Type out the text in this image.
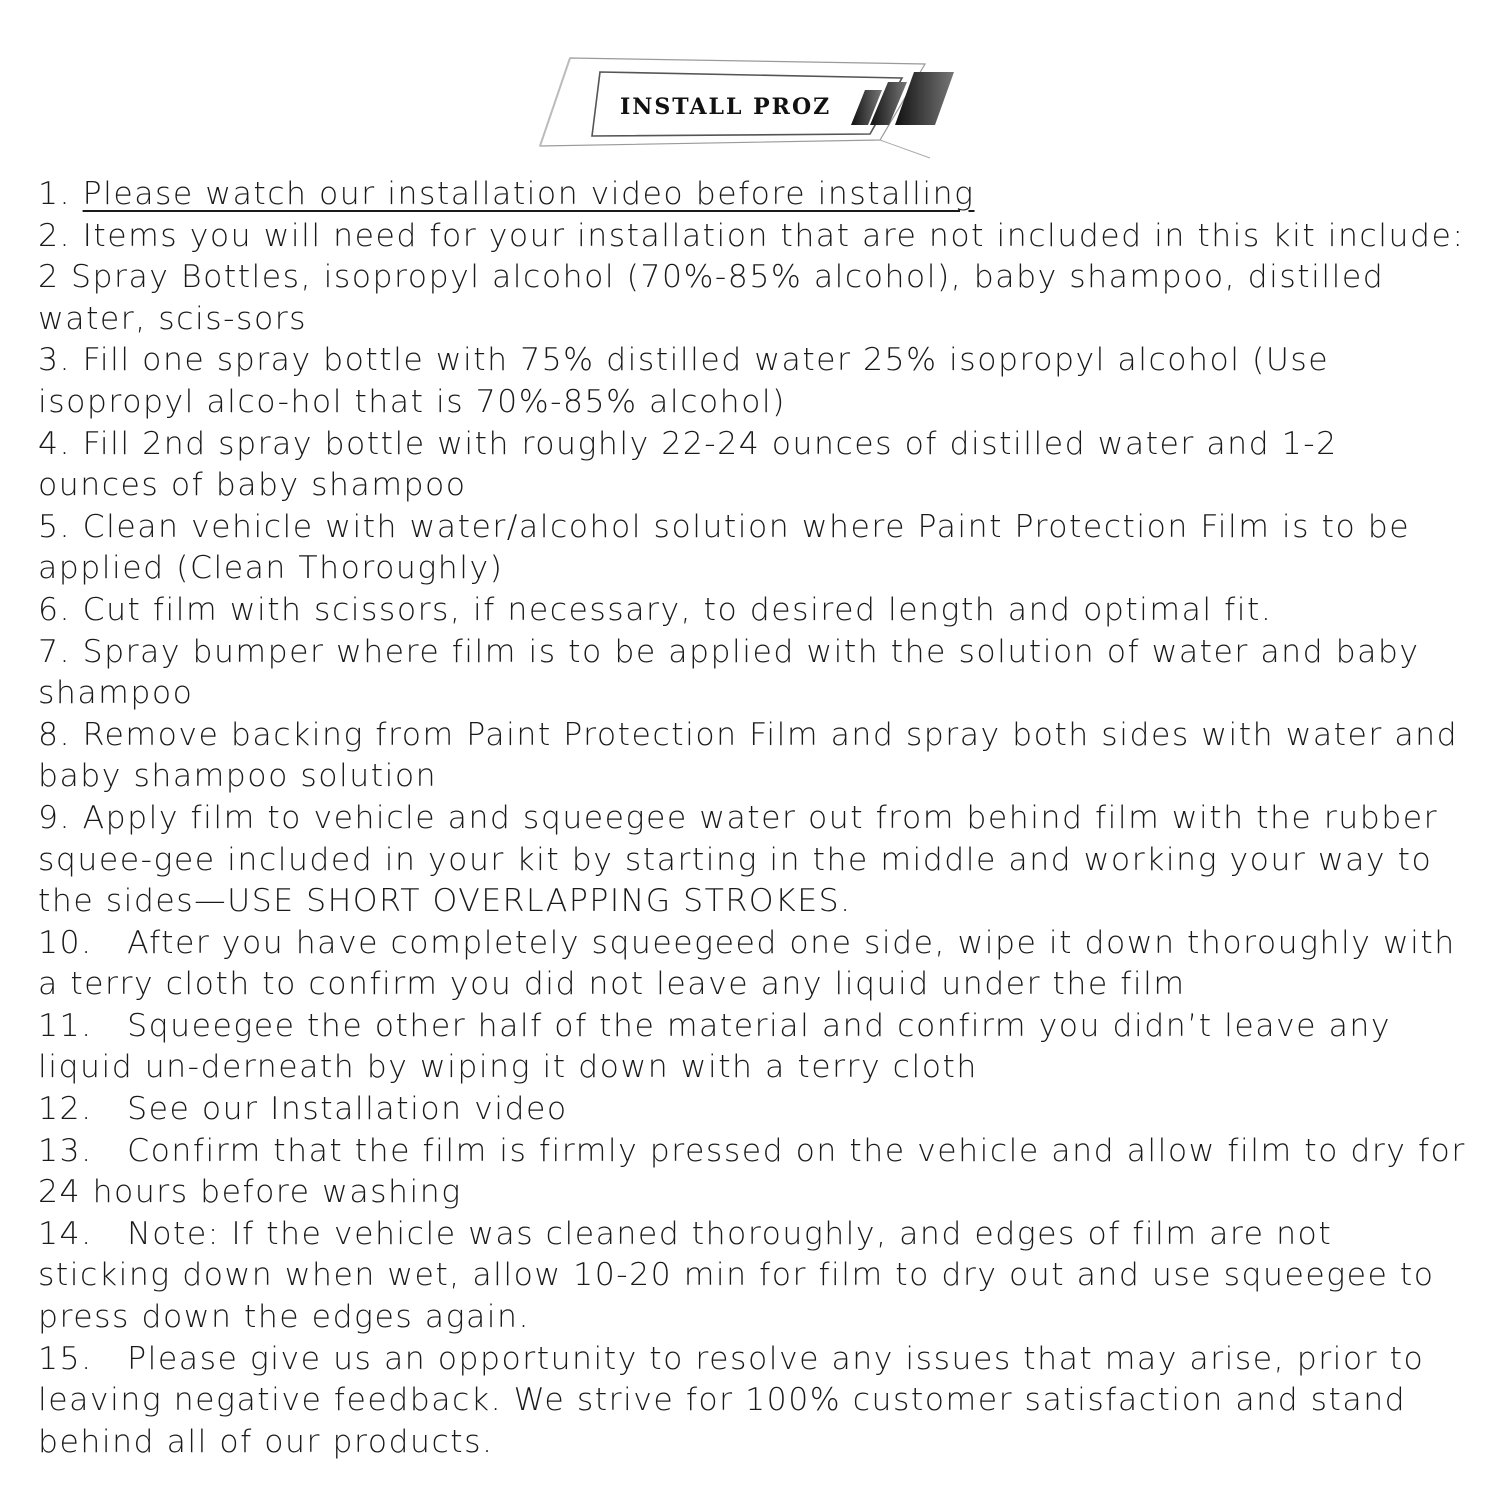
INSTALL PROZ
1. Please watch our installation video before installing
2. Items you will need for your installation that are not included in this kit include: 2 Spray Bottles, isopropyl alcohol (70%-85% alcohol), baby shampoo, distilled water, scis-sors
3. Fill one spray bottle with 75% distilled water 25% isopropyl alcohol (Use isopropyl alco-hol that is 70%-85% alcohol)
4. Fill 2nd spray bottle with roughly 22-24 ounces of distilled water and 1-2 ounces of baby shampoo
5. Clean vehicle with water/alcohol solution where Paint Protection Film is to be applied (Clean Thoroughly)
6. Cut film with scissors, if necessary, to desired length and optimal fit.
7. Spray bumper where film is to be applied with the solution of water and baby shampoo
8. Remove backing from Paint Protection Film and spray both sides with water and baby shampoo solution
9. Apply film to vehicle and squeegee water out from behind film with the rubber squee-gee included in your kit by starting in the middle and working your way to the sides—USE SHORT OVERLAPPING STROKES.
10.   After you have completely squeegeed one side, wipe it down thoroughly with a terry cloth to confirm you did not leave any liquid under the film
11.   Squeegee the other half of the material and confirm you didn’t leave any liquid un-derneath by wiping it down with a terry cloth
12.   See our Installation video
13.   Confirm that the film is firmly pressed on the vehicle and allow film to dry for 24 hours before washing
14.   Note: If the vehicle was cleaned thoroughly, and edges of film are not sticking down when wet, allow 10-20 min for film to dry out and use squeegee to press down the edges again.
15.   Please give us an opportunity to resolve any issues that may arise, prior to leaving negative feedback. We strive for 100% customer satisfaction and stand behind all of our products.
